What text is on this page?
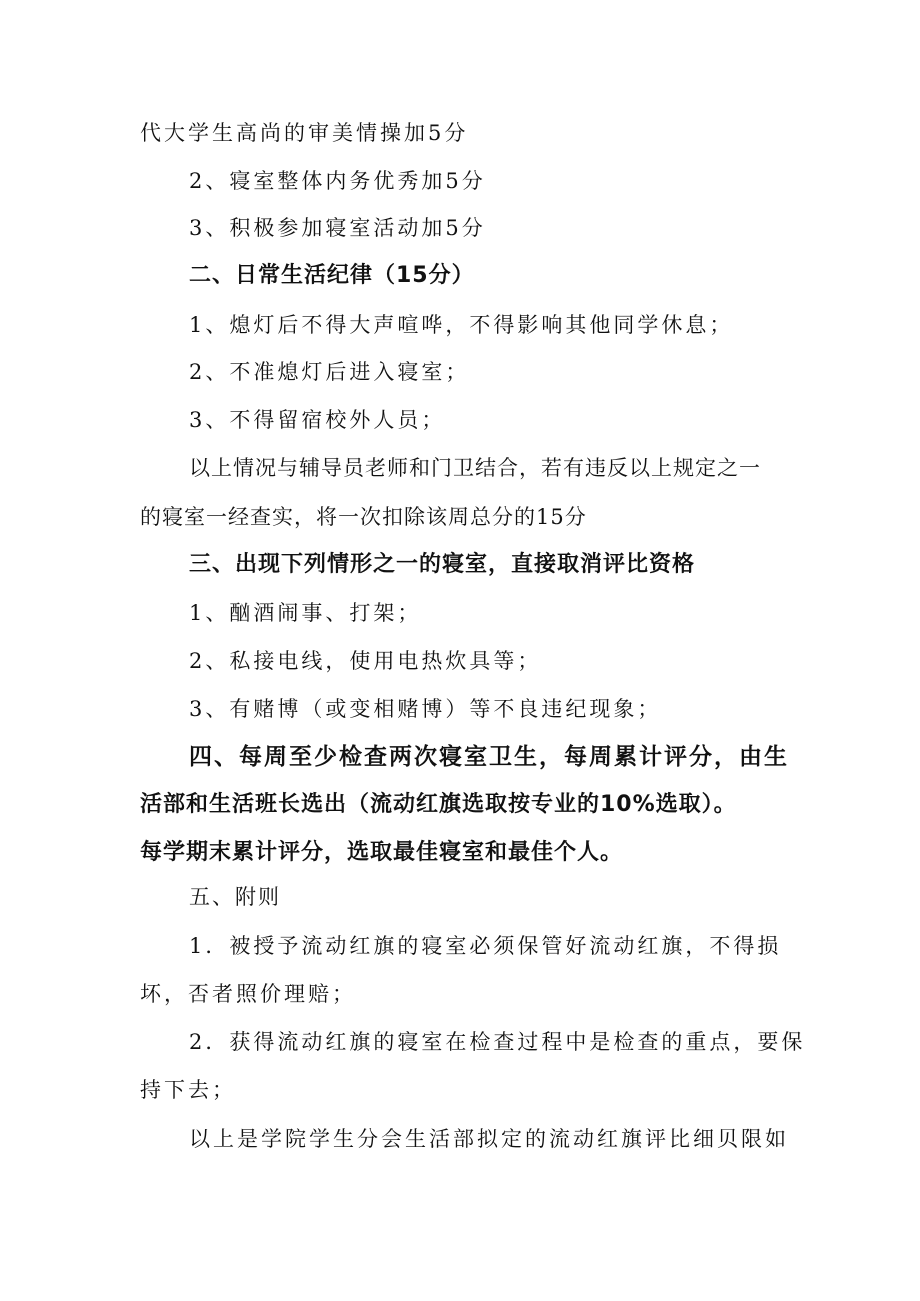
代大学生高尚的审美情操加5分

2、寝室整体内务优秀加5分

3、积极参加寝室活动加5分

二、日常生活纪律（15分）

1、熄灯后不得大声喧哗，不得影响其他同学休息；

2、不准熄灯后进入寝室；

3、不得留宿校外人员；

以上情况与辅导员老师和门卫结合，若有违反以上规定之一

的寝室一经查实，将一次扣除该周总分的15分

三、出现下列情形之一的寝室，直接取消评比资格

1、酗酒闹事、打架；

2、私接电线，使用电热炊具等；

3、有赌博（或变相赌博）等不良违纪现象；

四、每周至少检查两次寝室卫生，每周累计评分，由生

活部和生活班长选出（流动红旗选取按专业的10%选取）。

每学期末累计评分，选取最佳寝室和最佳个人。

五、附则

1．被授予流动红旗的寝室必须保管好流动红旗，不得损

坏，否者照价理赔；

2．获得流动红旗的寝室在检查过程中是检查的重点，要保

持下去；

以上是学院学生分会生活部拟定的流动红旗评比细贝限如
